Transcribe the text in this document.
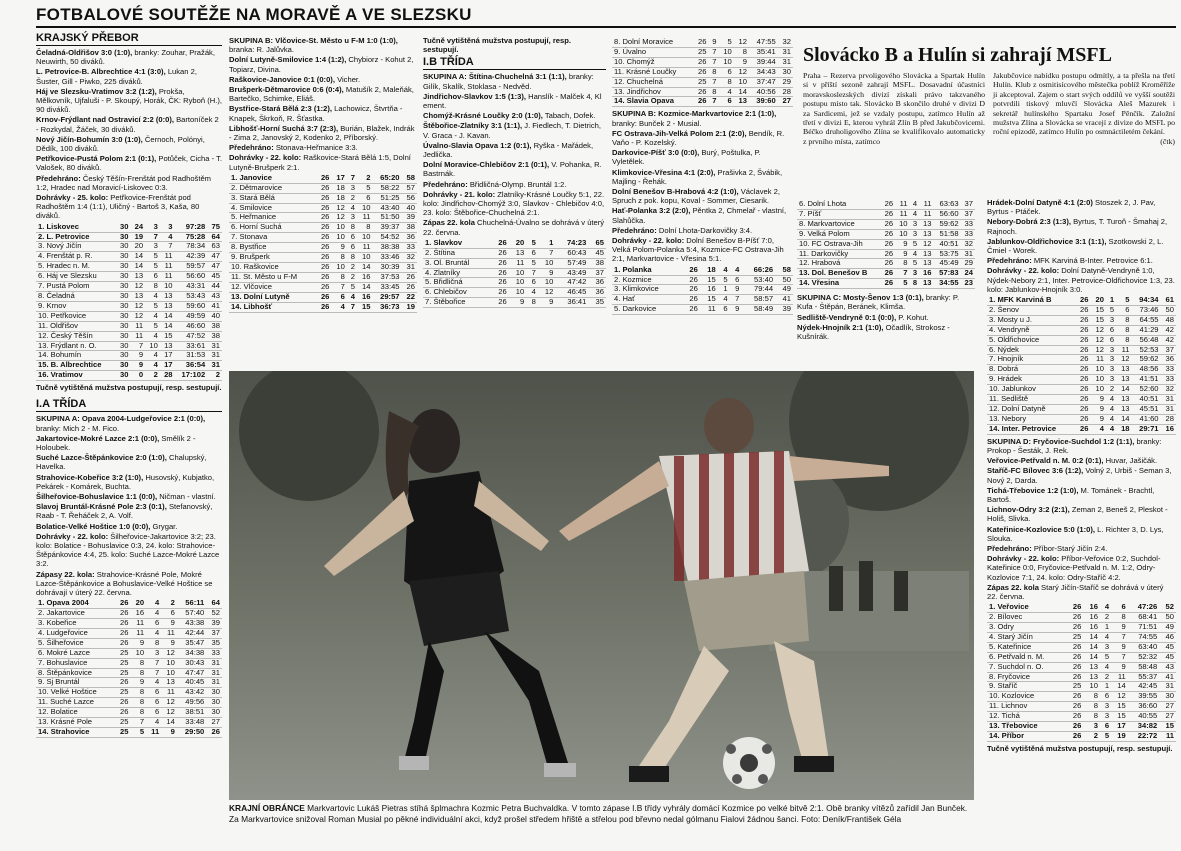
FOTBALOVÉ SOUTĚŽE NA MORAVĚ A VE SLEZSKU
KRAJSKÝ PŘEBOR
Čeladná-Oldřišov 3:0 (1:0), branky: Zouhar, Pražák, Neuwirth, 50 diváků.
L. Petrovice-B. Albrechtice 4:1 (3:0), Lukan 2, Šuster, Gill - Piwko, 225 diváků.
Háj ve Slezsku-Vratimov 3:2 (1:2), Prokša, Mělkovník, Ujfaluši - P. Skoupý, Horák, ČK: Ryboň (H.), 90 diváků.
Krnov-Frýdlant nad Ostravicí 2:2 (0:0), Bartoníček 2 - Rozkydal, Žáček, 30 diváků.
Nový Jičín-Bohumín 3:0 (1:0), Černoch, Polónyi, Dědík, 100 diváků.
Petřkovice-Pustá Polom 2:1 (0:1), Potůček, Cicha - T. Valošek, 80 diváků.
Předehráno: Český Těšín-Frenštát pod Radhoštěm 1:2, Hradec nad Moravicí-Liskovec 0:3.
Dohrávky - 25. kolo: Petřkovice-Frenštát pod Radhoštěm 1:4 (1:1), Uličný - Bartoš 3, Kaša, 80 diváků.
1. Liskovec	30	24	3	3	97:28	75
2. L. Petrovice	30	19	7	4	75:28	64
3. Nový Jičín	30	20	3	7	78:34	63
4. Frenštát p. R.	30	14	5	11	42:39	47
5. Hradec n. M.	30	14	5	11	59:57	47
6. Háj ve Slezsku	30	13	6	11	56:60	45
7. Pustá Polom	30	12	8	10	43:31	44
8. Čeladná	30	13	4	13	53:43	43
9. Krnov	30	12	5	13	59:60	41
10. Petřkovice	30	12	4	14	49:59	40
11. Oldřišov	30	11	5	14	46:60	38
12. Český Těšín	30	11	4	15	47:52	38
13. Frýdlant n. O.	30	7	10	13	33:61	31
14. Bohumín	30	9	4	17	31:53	31
15. B. Albrechtice	30	9	4	17	36:54	31
16. Vratimov	30	0	2	28	17:102	2
Tučně vytištěná mužstva postupují, resp. sestupují.
I.A TŘÍDA
SKUPINA A: Opava 2004-Ludgeřovice 2:1 (0:0), branky: Mich 2 - M. Fico.
Jakartovice-Mokré Lazce 2:1 (0:0), Smělík 2 - Holoubek.
Suché Lazce-Štěpánkovice 2:0 (1:0), Chalupský, Havelka.
Strahovice-Kobeřice 3:2 (1:0), Husovský, Kubjatko, Pekárek - Komárek, Buchta.
Šilheřovice-Bohuslavice 1:1 (0:0), Ničman - vlastní.
Slavoj Bruntál-Krásné Pole 2:3 (0:1), Stefanovský, Raab - T. Řeháček 2, A. Volf.
Bolatice-Velké Hoštice 1:0 (0:0), Grygar.
Dohrávky - 22. kolo: Šilheřovice-Jakartovice 3:2; 23. kolo: Bolatice - Bohuslavice 0:3, 24. kolo: Strahovice-Štěpánkovice 4:4, 25. kolo: Suché Lazce-Mokré Lazce 3:2.
Zápasy 22. kola: Strahovice-Krásné Pole, Mokré Lazce-Štěpánkovice a Bohuslavice-Velké Hoštice se dohrávají v úterý 22. června.
1. Opava 2004	26	20	4	2	56:11	64
2. Jakartovice	26	16	4	6	57:40	52
3. Kobeřice	26	11	6	9	43:38	39
4. Ludgeřovice	26	11	4	11	42:44	37
5. Šilheřovice	26	9	8	9	35:47	35
6. Mokré Lazce	25	10	3	12	34:38	33
7. Bohuslavice	25	8	7	10	30:43	31
8. Štěpánkovice	25	8	7	10	47:47	31
9. Sj Bruntál	26	9	4	13	40:45	31
10. Velké Hoštice	25	8	6	11	43:42	30
11. Suché Lazce	26	8	6	12	49:56	30
12. Bolatice	26	8	6	12	38:51	30
13. Krásné Pole	25	7	4	14	33:48	27
14. Strahovice	25	5	11	9	29:50	26
SKUPINA B: Vlčovice-St. Město u F-M 1:0 (1:0), branka: R. Jalůvka.
Dolní Lutyně-Smilovice 1:4 (1:2), Chybiorz - Kohut 2, Topiarz, Divina.
Raškovice-Janovice 0:1 (0:0), Vicher.
Brušperk-Dětmarovice 0:6 (0:4), Matušík 2, Maleňák, Bartečko, Schimke, Eliáš.
Bystřice-Stará Bělá 2:3 (1:2), Lachowicz, Štvrtňa - Knapek, Škrkoň, R. Šťastka.
Libhošť-Horní Suchá 3:7 (2:3), Burián, Blažek, Indrák - Zima 2, Janovský 2, Kodenko 2, Příborský.
Předehráno: Stonava-Heřmanice 3:3.
Dohrávky - 22. kolo: Raškovice-Stará Bělá 1:5, Dolní Lutyně-Brušperk 2:1.
1. Janovice	26	17	7	2	65:20	58
2. Dětmarovice	26	18	3	5	58:22	57
3. Stará Bělá	26	18	2	6	51:25	56
4. Smilovice	26	12	4	10	43:40	40
5. Heřmanice	26	12	3	11	51:50	39
6. Horní Suchá	26	10	8	8	39:37	38
7. Stonava	26	10	6	10	54:52	36
8. Bystřice	26	9	6	11	38:38	33
9. Brušperk	26	8	8	10	33:46	32
10. Raškovice	26	10	2	14	30:39	31
11. St. Město u F-M	26	8	2	16	37:53	26
12. Vlčovice	26	7	5	14	33:45	26
13. Dolní Lutyně	26	6	4	16	29:57	22
14. Libhošť	26	4	7	15	36:73	19
Tučně vytištěná mužstva postupují, resp. sestupují.
I.B TŘÍDA
SKUPINA A: Štítina-Chuchelná 3:1 (1:1), branky: Gilík, Skalík, Stoklasa - Nedvěd.
Jindřichov-Slavkov 1:5 (1:3), Hanslík - Malček 4, Kl ement.
Chomýž-Krásné Loučky 2:0 (1:0), Tabach, Dofek.
Štěbořice-Zlatníky 3:1 (1:1), J. Fiedlech, T. Dietrich, V. Graca - J. Kavan.
Úvalno-Slavia Opava 1:2 (0:1), Ryška - Mařádek, Jedlička.
Dolní Moravice-Chlebičov 2:1 (0:1), V. Pohanka, R. Bastrnák.
Předehráno: Břidličná-Olymp. Bruntál 1:2.
Dohrávky - 21. kolo: Zlatníky-Krásné Loučky 5:1, 22. kolo: Jindřichov-Chomýž 3:0, Slavkov - Chlebičov 4:0, 23. kolo: Štěbořice-Chuchelná 2:1.
Zápas 22. kola Chuchelná-Úvalno se dohrává v úterý 22. června.
1. Slavkov	26	20	5	1	74:23	65
2. Štítina	26	13	6	7	60:43	45
3. Ol. Bruntál	26	11	5	10	57:49	38
4. Zlatníky	26	10	7	9	43:49	37
5. Břidličná	26	10	6	10	47:42	36
6. Chlebičov	26	10	4	12	46:45	36
7. Štěbořice	26	9	8	9	36:41	35
8. Dolní Moravice	26	9	5	12	47:55	32
9. Úvalno	25	7	10	8	35:41	31
10. Chomýž	26	7	10	9	39:44	31
11. Krásné Loučky	26	8	6	12	34:43	30
12. Chuchelná	25	7	8	10	37:47	29
13. Jindřichov	26	8	4	14	40:56	28
14. Slavia Opava	26	7	6	13	39:60	27
SKUPINA B: Kozmice-Markvartovice 2:1 (1:0), branky: Bunček 2 - Musial.
FC Ostrava-Jih-Velká Polom 2:1 (2:0), Bendík, R. Vaňo - P. Kozelský.
Darkovice-Píšť 3:0 (0:0), Burý, Poštulka, P. Vyletělek.
Klimkovice-Vřesina 4:1 (2:0), Prašivka 2, Švábik, Majling - Řehák.
Dolní Benešov B-Hrabová 4:2 (1:0), Václavek 2, Spruch z pok. kopu, Koval - Sommer, Ciesarik.
Hať-Polanka 3:2 (2:0), Pěntka 2, Chmelař - vlastní, Slahůčka.
Předehráno: Dolní Lhota-Darkovičky 3:4.
Dohrávky - 22. kolo: Dolní Benešov B-Píšť 7:0, Velká Polom-Polanka 5:4, Kozmice-FC Ostrava-Jih 2:1, Markvartovice - Vřesina 5:1.
1. Polanka	26	18	4	4	66:26	58
2. Kozmice	26	15	5	6	53:40	50
3. Klimkovice	26	16	1	9	79:44	49
4. Hať	26	15	4	7	58:57	41
5. Darkovice	26	11	6	9	58:49	39
Slovácko B a Hulín si zahrají MSFL
Praha – Rezerva prvoligového Slovácka a Spartak Hulín si v příští sezoně zahrají MSFL. Dosavadní účastníci moravskoslezských divizí získali právo takzvaného postupu místo tak. Slovácko B skončilo druhé v divizi D za Sardicemi, jež se vzdaly postupu, zatímco Hulín až třetí v divizi E, kterou vyhrál Zlín B před Jakubčovicemi. Béčko druholigového Zlína se kvalifikovalo automaticky z prvního místa, zatímco
Jakubčovice nabídku postupu odmítly, a ta přešla na třetí Hulín. Klub z osmitisícového městečka poblíž Kroměříže ji akceptoval. Zajem o start svých oddílů ve vyšší soutěži potvrdili tiskový mluvčí Slovácka Aleš Mazurek i sekretář hulínského Spartaku Josef Pěnčík. Založní mužstva Zlína a Slovácka se vracejí z divize do MSFL po roční epizodě, zatímco Hulín po osmnáctiletém čekání.
(čtk)
6. Dolní Lhota	26	11	4	11	63:63	37
7. Píšť	26	11	4	11	56:60	37
8. Markvartovice	26	10	3	13	59:62	33
9. Velká Polom	26	10	3	13	51:58	33
10. FC Ostrava-Jih	26	9	5	12	40:51	32
11. Darkovičky	26	9	4	13	53:75	31
12. Hrabová	26	8	5	13	45:49	29
13. Dol. Benešov B	26	7	3	16	57:83	24
14. Vřesina	26	5	8	13	34:55	23
SKUPINA C: Mosty-Šenov 1:3 (0:1), branky: P. Kufa - Štěpán, Beránek, Klimša.
Sedliště-Vendryně 0:1 (0:0), P. Kohut.
Nýdek-Hnojník 2:1 (1:0), Očadlík, Strokosz - Kušnírák.
Hrádek-Dolní Datyně 4:1 (2:0) Stoszek 2, J. Pav, Byrtus - Ptáček.
Nebory-Dobrá 2:3 (1:3), Byrtus, T. Turoň - Šmahaj 2, Rajnoch.
Jablunkov-Oldřichovice 3:1 (1:1), Szotkowski 2, L. Čmiel - Worek.
Předehráno: MFK Karviná B-Inter. Petrovice 6:1.
Dohrávky - 22. kolo: Dolní Datyně-Vendryně 1:0, Nýdek-Nebory 2:1, Inter. Petrovice-Oldřichovice 1:3, 23. kolo: Jablunkov-Hnojník 3:0.
1. MFK Karviná B	26	20	1	5	94:34	61
2. Šenov	26	15	5	6	73:46	50
3. Mosty u J.	26	15	3	8	64:55	48
4. Vendryně	26	12	6	8	41:29	42
5. Oldřichovice	26	12	6	8	56:48	42
6. Nýdek	26	12	3	11	52:53	37
7. Hnojník	26	11	3	12	59:62	36
8. Dobrá	26	10	3	13	48:56	33
9. Hrádek	26	10	3	13	41:51	33
10. Jablunkov	26	10	2	14	52:60	32
11. Sedliště	26	9	4	13	40:51	31
12. Dolní Datyně	26	9	4	13	45:51	31
13. Nebory	26	9	4	14	41:60	28
14. Inter. Petrovice	26	4	4	18	29:71	16
SKUPINA D: Fryčovice-Suchdol 1:2 (1:1), branky: Prokop - Šesták, J. Rek.
Veřovice-Petřvald n. M. 0:2 (0:1), Huvar, Jašičák.
Staříč-FC Bílovec 3:6 (1:2), Volný 2, Urbiš - Seman 3, Nový 2, Darda.
Tichá-Třebovice 1:2 (1:0), M. Tománek - Brachtl, Bartoš.
Lichnov-Odry 3:2 (2:1), Zeman 2, Beneš 2, Pleskot - Holiš, Slivka.
Kateřinice-Kozlovice 5:0 (1:0), L. Richter 3, D. Lys, Slouka.
Předehráno: Příbor-Starý Jičín 2:4.
Dohrávky - 22. kolo: Příbor-Veřovice 0:2, Suchdol-Kateřinice 0:0, Fryčovice-Petřvald n. M. 1:2, Odry-Kozlovice 7:1, 24. kolo: Odry-Staříč 4:2.
Zápas 22. kola Starý Jičín-Staříč se dohrává v úterý 22. června.
1. Veřovice	26	16	4	6	47:26	52
2. Bílovec	26	16	2	8	68:41	50
3. Odry	26	16	1	9	71:51	49
4. Starý Jičín	25	14	4	7	74:55	46
5. Kateřinice	26	14	3	9	63:40	45
6. Petřvald n. M.	26	14	5	7	52:32	45
7. Suchdol n. O.	26	13	4	9	58:48	43
8. Fryčovice	26	13	2	11	55:37	41
9. Staříč	25	10	1	14	42:45	31
10. Kozlovice	26	8	6	12	39:55	30
11. Lichnov	26	8	3	15	36:60	27
12. Tichá	26	8	3	15	40:55	27
13. Třebovice	26	3	6	17	34:82	15
14. Příbor	26	2	5	19	22:72	11
Tučně vytištěná mužstva postupují, resp. sestupují.
KRAJNÍ OBRÁNCE Markvartovic Lukáš Pietras stíhá šplmachra Kozmic Petra Buchvaldka. V tomto zápase I.B třídy vyhrály domácí Kozmice po velké bitvě 2:1. Obě branky vítězů zařídil Jan Bunček. Za Markvartovice snižoval Roman Musial po pěkné individuální akci, když prošel středem hřiště a střelou pod břevno nedal gólmanu Fialovi žádnou šanci. Foto: Deník/František Géla
